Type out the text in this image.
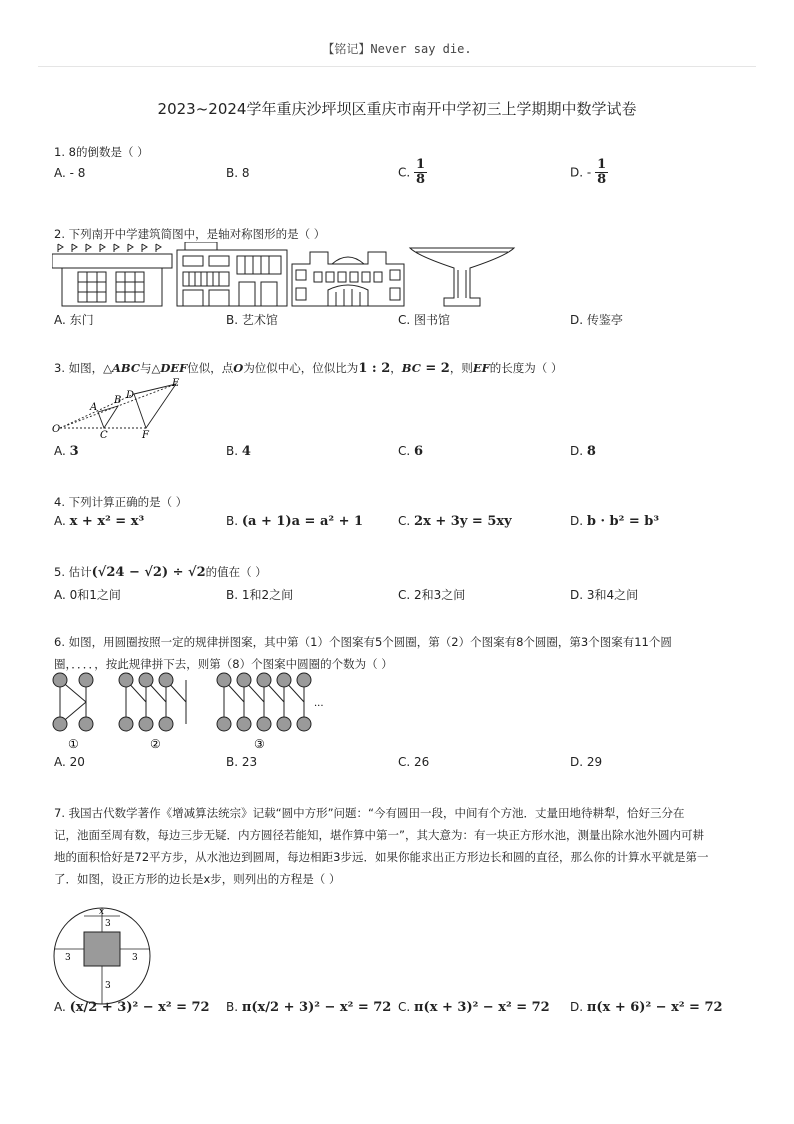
【铭记】Never say die.
2023~2024学年重庆沙坪坝区重庆市南开中学初三上学期期中数学试卷
1. 8的倒数是（ ）
A. - 8	B. 8	C. $\frac{1}{8}$	D. - $\frac{1}{8}$
2. 下列南开中学建筑简图中，是轴对称图形的是（ ）
A. 东门	B. 艺术馆	C. 图书馆	D. 传鉴亭
3. 如图，△ABC与△DEF位似，点O为位似中心，位似比为1 : 2，BC = 2，则EF的长度为（ ）
O
A
B
C
D
E
F
A. 3	B. 4	C. 6	D. 8
4. 下列计算正确的是（ ）
A. x + x² = x³	B. (a + 1)a = a² + 1	C. 2x + 3y = 5xy	D. b · b² = b³
5. 估计(√24 − √2) ÷ √2的值在（ ）
A. 0和1之间	B. 1和2之间	C. 2和3之间	D. 3和4之间
6. 如图，用圆圈按照一定的规律拼图案，其中第（1）个图案有5个圆圈，第（2）个图案有8个圆圈，第3个图案有11个圆
圈，．．．．，按此规律拼下去，则第（8）个图案中圆圈的个数为（ ）
...
①	②	③
A. 20	B. 23	C. 26	D. 29
7. 我国古代数学著作《增减算法统宗》记载“圆中方形”问题：“今有圆田一段，中间有个方池．丈量田地待耕犁，恰好三分在
记，池面至周有数，每边三步无疑．内方圆径若能知，堪作算中第一”，其大意为：有一块正方形水池，测量出除水池外圆内可耕
地的面积恰好是72平方步，从水池边到圆周，每边相距3步远．如果你能求出正方形边长和圆的直径，那么你的计算水平就是第一
了．如图，设正方形的边长是x步，则列出的方程是（ ）
x
3
3	3
3
A. (x/2 + 3)² − x² = 72 B. π(x/2 + 3)² − x² = 72 C. π(x + 3)² − x² = 72 D. π(x + 6)² − x² = 72
